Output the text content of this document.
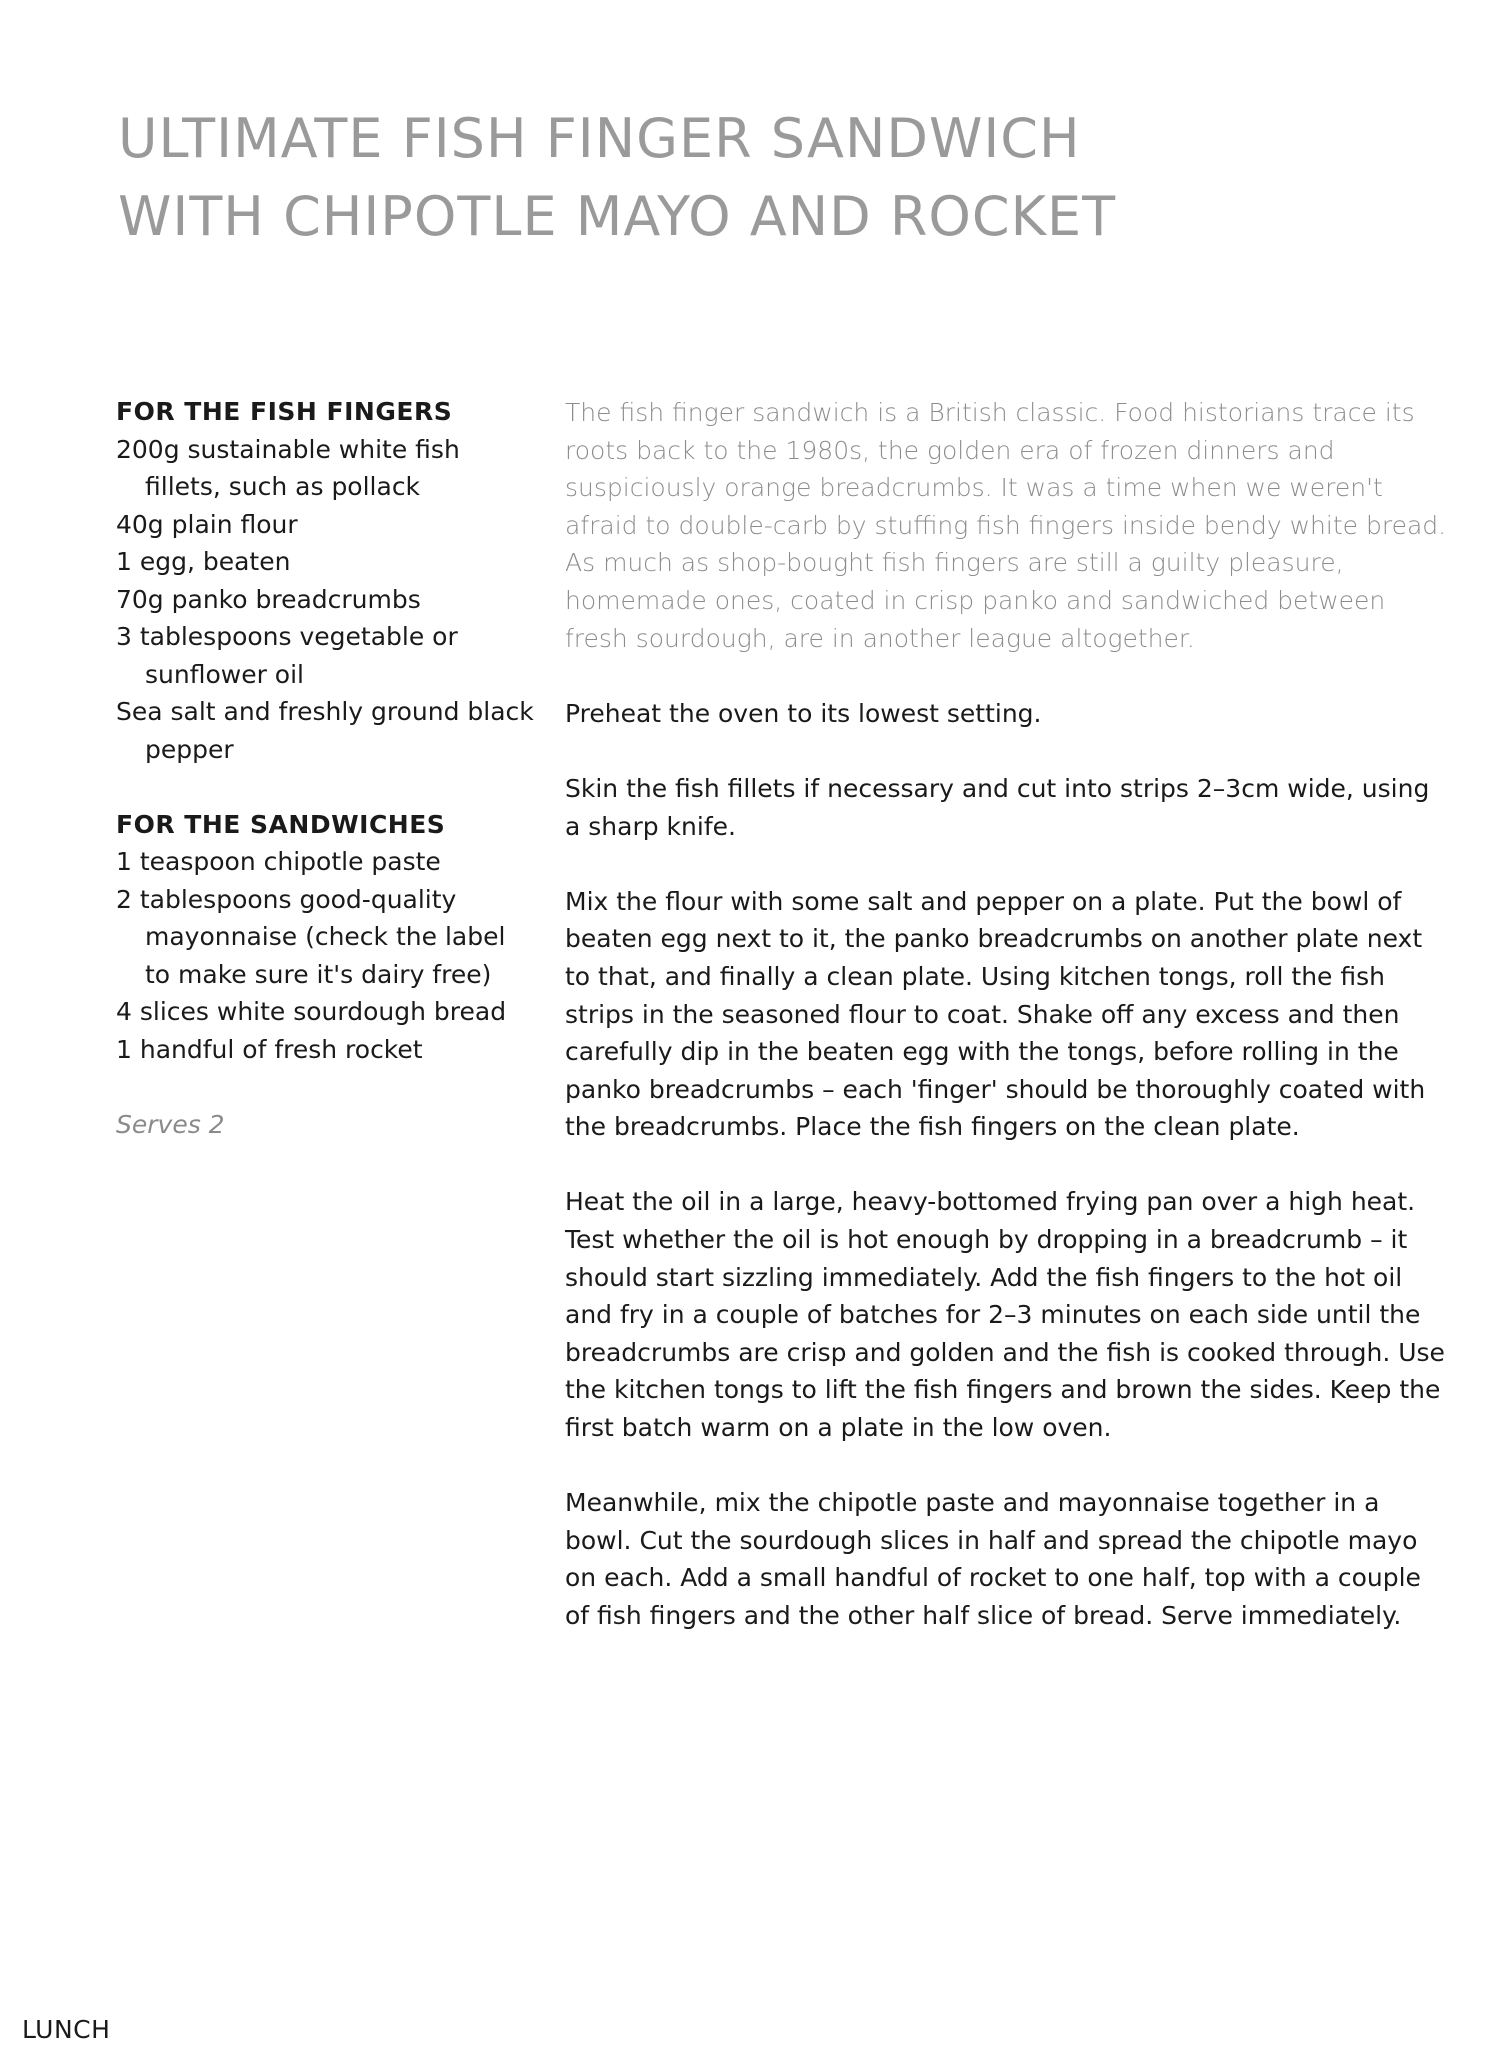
ULTIMATE FISH FINGER SANDWICH
WITH CHIPOTLE MAYO AND ROCKET
FOR THE FISH FINGERS
200g sustainable white fish fillets, such as pollack
40g plain flour
1 egg, beaten
70g panko breadcrumbs
3 tablespoons vegetable or sunflower oil
Sea salt and freshly ground black pepper
FOR THE SANDWICHES
1 teaspoon chipotle paste
2 tablespoons good-quality mayonnaise (check the label to make sure it's dairy free)
4 slices white sourdough bread
1 handful of fresh rocket
Serves 2

The fish finger sandwich is a British classic. Food historians trace its roots back to the 1980s, the golden era of frozen dinners and suspiciously orange breadcrumbs. It was a time when we weren't afraid to double-carb by stuffing fish fingers inside bendy white bread. As much as shop-bought fish fingers are still a guilty pleasure, homemade ones, coated in crisp panko and sandwiched between fresh sourdough, are in another league altogether.

Preheat the oven to its lowest setting.

Skin the fish fillets if necessary and cut into strips 2–3cm wide, using a sharp knife.

Mix the flour with some salt and pepper on a plate. Put the bowl of beaten egg next to it, the panko breadcrumbs on another plate next to that, and finally a clean plate. Using kitchen tongs, roll the fish strips in the seasoned flour to coat. Shake off any excess and then carefully dip in the beaten egg with the tongs, before rolling in the panko breadcrumbs – each 'finger' should be thoroughly coated with the breadcrumbs. Place the fish fingers on the clean plate.

Heat the oil in a large, heavy-bottomed frying pan over a high heat. Test whether the oil is hot enough by dropping in a breadcrumb – it should start sizzling immediately. Add the fish fingers to the hot oil and fry in a couple of batches for 2–3 minutes on each side until the breadcrumbs are crisp and golden and the fish is cooked through. Use the kitchen tongs to lift the fish fingers and brown the sides. Keep the first batch warm on a plate in the low oven.

Meanwhile, mix the chipotle paste and mayonnaise together in a bowl. Cut the sourdough slices in half and spread the chipotle mayo on each. Add a small handful of rocket to one half, top with a couple of fish fingers and the other half slice of bread. Serve immediately.

LUNCH
